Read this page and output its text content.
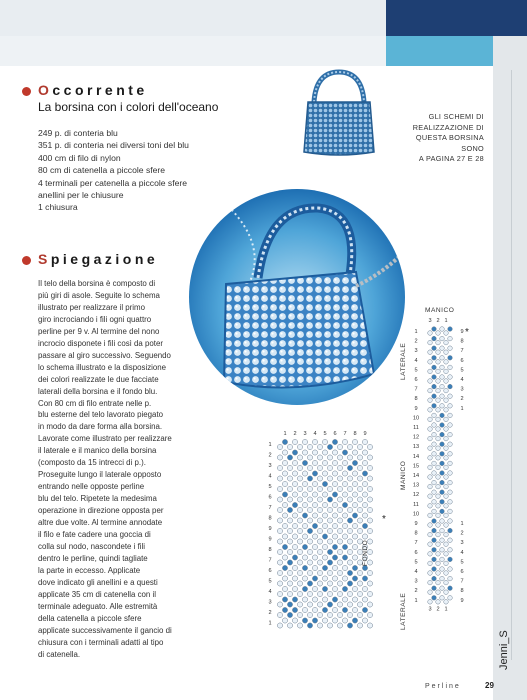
Occorrente
La borsina con i colori dell'oceano
249 p. di conteria blu
351 p. di conteria nei diversi toni del blu
400 cm di filo di nylon
80 cm di catenella a piccole sfere
4 terminali per catenella a piccole sfere
anellini per le chiusure
1 chiusura
GLI SCHEMI DI
REALIZZAZIONE DI
QUESTA BORSINA SONO
A PAGINA 27 E 28
Spiegazione
Il telo della borsina è composto di
più giri di asole. Seguite lo schema
illustrato per realizzare il primo
giro incrociando i fili ogni quattro
perline per 9 v. Al termine del nono
incrocio disponete i fili così da poter
passare al giro successivo. Seguendo
lo schema illustrato e la disposizione
dei colori realizzate le due facciate
laterali della borsina e il fondo blu.
Con 80 cm di filo entrate nelle p.
blu esterne del telo lavorato piegato
in modo da dare forma alla borsina.
Lavorate come illustrato per realizzare
il laterale e il manico della borsina
(composto da 15 intrecci di p.).
Proseguite lungo il laterale opposto
entrando nelle opposte perline
blu del telo. Ripetete la medesima
operazione in direzione opposta per
altre due volte. Al termine annodate
il filo e fate cadere una goccia di
colla sul nodo, nascondete i fili
dentro le perline, quindi tagliate
la parte in eccesso. Applicate
dove indicato gli anellini e a questi
applicate 35 cm di catenella con il
terminale adeguato. Alle estremità
della catenella a piccole sfere
applicate successivamente il gancio di
chiusura con i terminali adatti al tipo
di catenella.
1 2 3 4 5 6 7 8 9
1
2
3
4
5
6
7
8
9
9
8
7
6
5
4
3
2
1
FONDO
*
MANICO
3 2 1
1	9
2	8
3	7
4	6
5	5
6	4
7	3
8	2
9	1
10
11
12
13
14
15
14
13
12
11
10
9	1
8	2
7	3
6	4
5	5
4	6
3	7
2	8
1	9
3 2 1
LATERALE
MANICO
LATERALE
*
Jenni_S
Perline	29
